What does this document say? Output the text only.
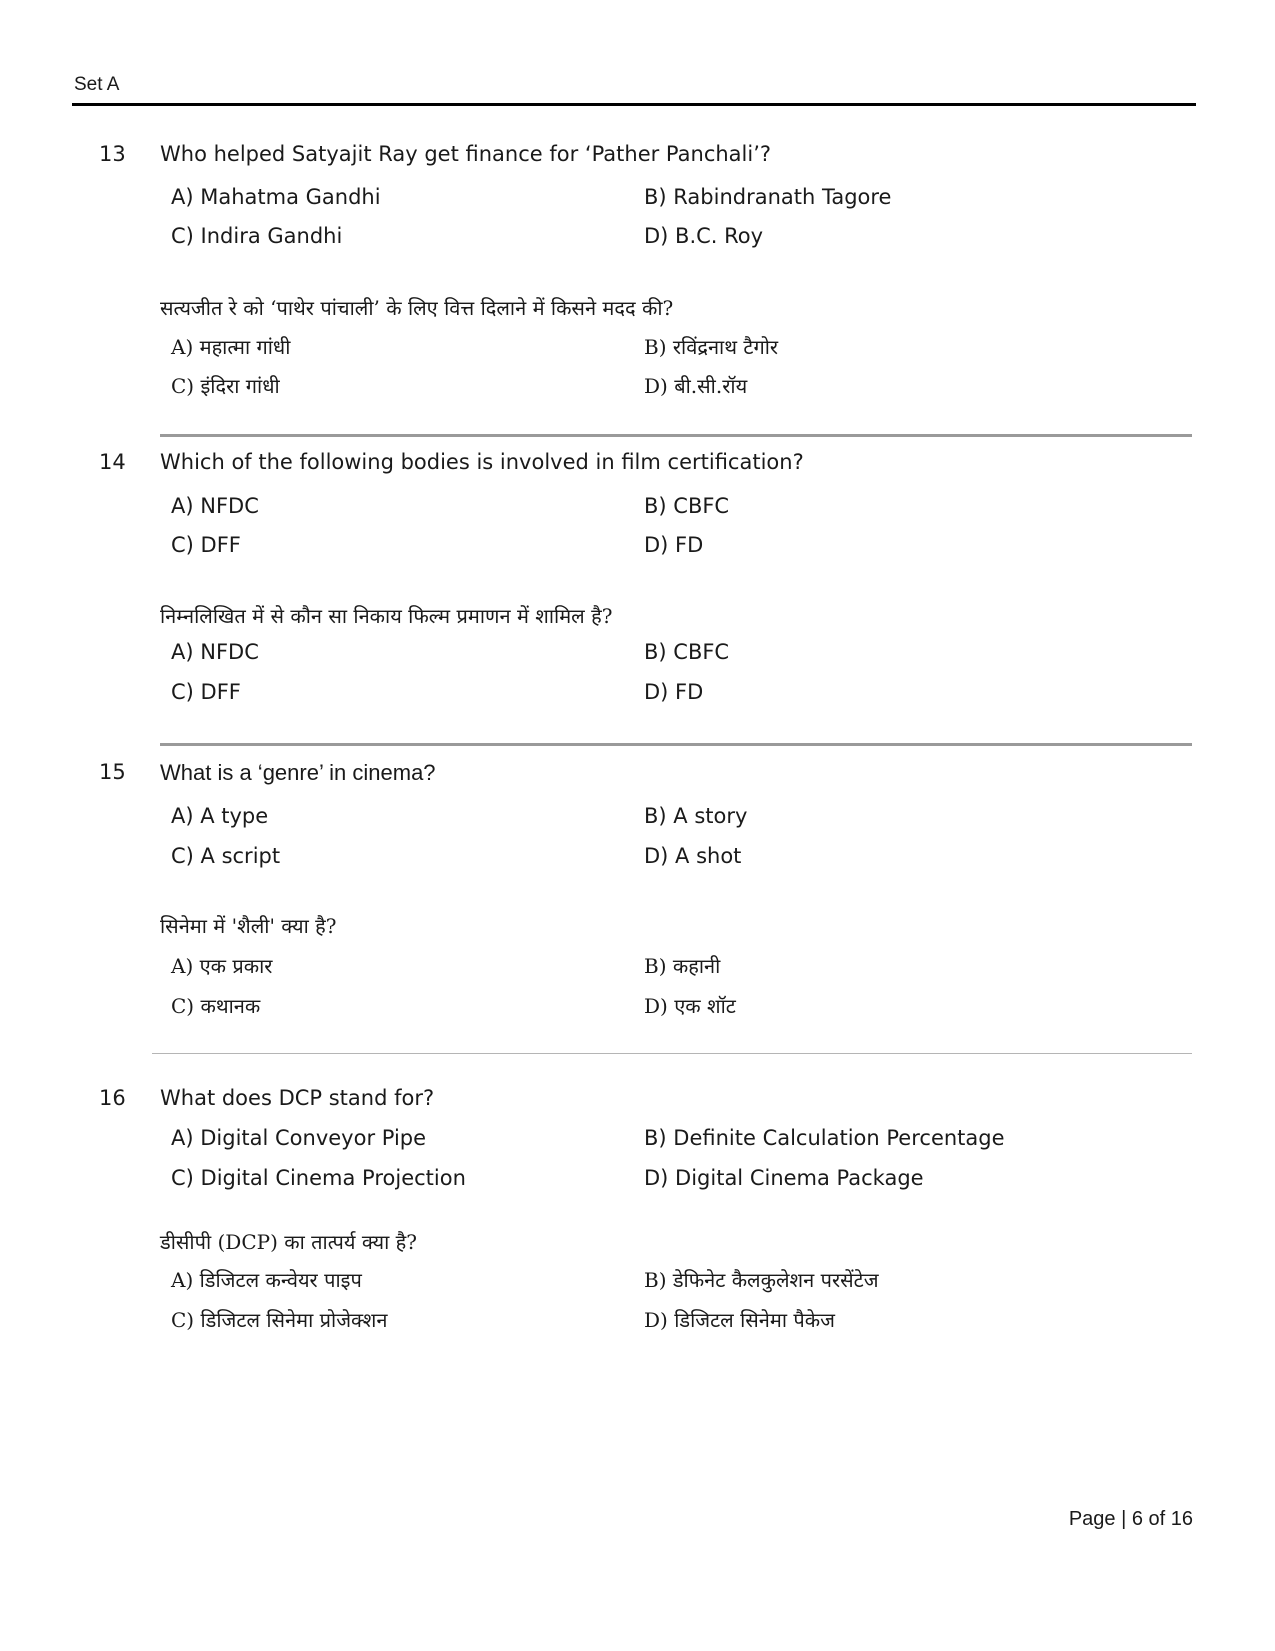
Set A
13 Who helped Satyajit Ray get finance for ‘Pather Panchali’?
A) Mahatma Gandhi	B) Rabindranath Tagore
C) Indira Gandhi	D) B.C. Roy
सत्यजीत रे को ‘पाथेर पांचाली’ के लिए वित्त दिलाने में किसने मदद की?
A) महात्मा गांधी	B) रविंद्रनाथ टैगोर
C) इंदिरा गांधी	D) बी.सी.रॉय
14 Which of the following bodies is involved in film certification?
A) NFDC	B) CBFC
C) DFF	D) FD
निम्नलिखित में से कौन सा निकाय फिल्म प्रमाणन में शामिल है?
A) NFDC	B) CBFC
C) DFF	D) FD
15 What is a ‘genre’ in cinema?
A) A type	B) A story
C) A script	D) A shot
सिनेमा में 'शैली' क्या है?
A) एक प्रकार	B) कहानी
C) कथानक	D) एक शॉट
16 What does DCP stand for?
A) Digital Conveyor Pipe	B) Definite Calculation Percentage
C) Digital Cinema Projection	D) Digital Cinema Package
डीसीपी (DCP) का तात्पर्य क्या है?
A) डिजिटल कन्वेयर पाइप	B) डेफिनेट कैलकुलेशन परसेंटेज
C) डिजिटल सिनेमा प्रोजेक्शन	D) डिजिटल सिनेमा पैकेज
Page | 6 of 16
